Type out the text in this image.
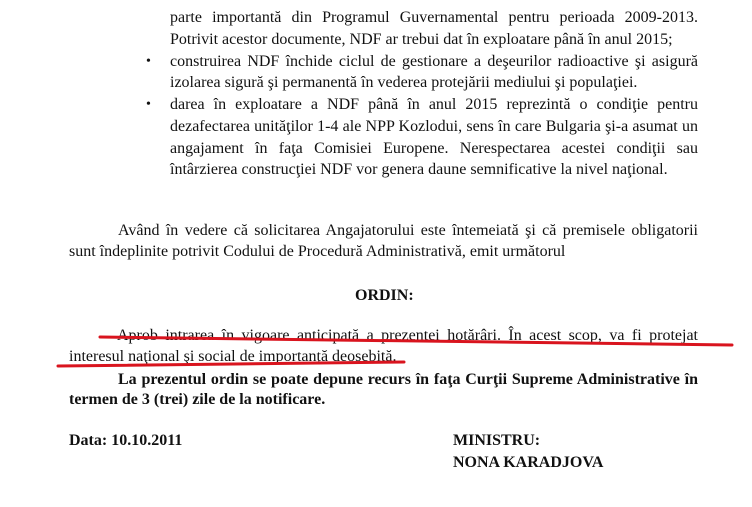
parte importantă din Programul Guvernamental pentru perioada 2009-2013.
Potrivit acestor documente, NDF ar trebui dat în exploatare până în anul 2015;
• construirea NDF închide ciclul de gestionare a deşeurilor radioactive şi asigură
izolarea sigură şi permanentă în vederea protejării mediului şi populaţiei.
• darea în exploatare a NDF până în anul 2015 reprezintă o condiţie pentru
dezafectarea unităţilor 1-4 ale NPP Kozlodui, sens în care Bulgaria şi-a asumat un
angajament în faţa Comisiei Europene. Nerespectarea acestei condiţii sau
întârzierea construcţiei NDF vor genera daune semnificative la nivel naţional.
Având în vedere că solicitarea Angajatorului este întemeiată şi că premisele obligatorii
sunt îndeplinite potrivit Codului de Procedură Administrativă, emit următorul
ORDIN:
Aprob intrarea în vigoare anticipată a prezentei hotărâri. În acest scop, va fi protejat
interesul naţional şi social de importanţă deosebită.
La prezentul ordin se poate depune recurs în faţa Curţii Supreme Administrative în
termen de 3 (trei) zile de la notificare.
Data: 10.10.2011	MINISTRU:
NONA KARADJOVA
